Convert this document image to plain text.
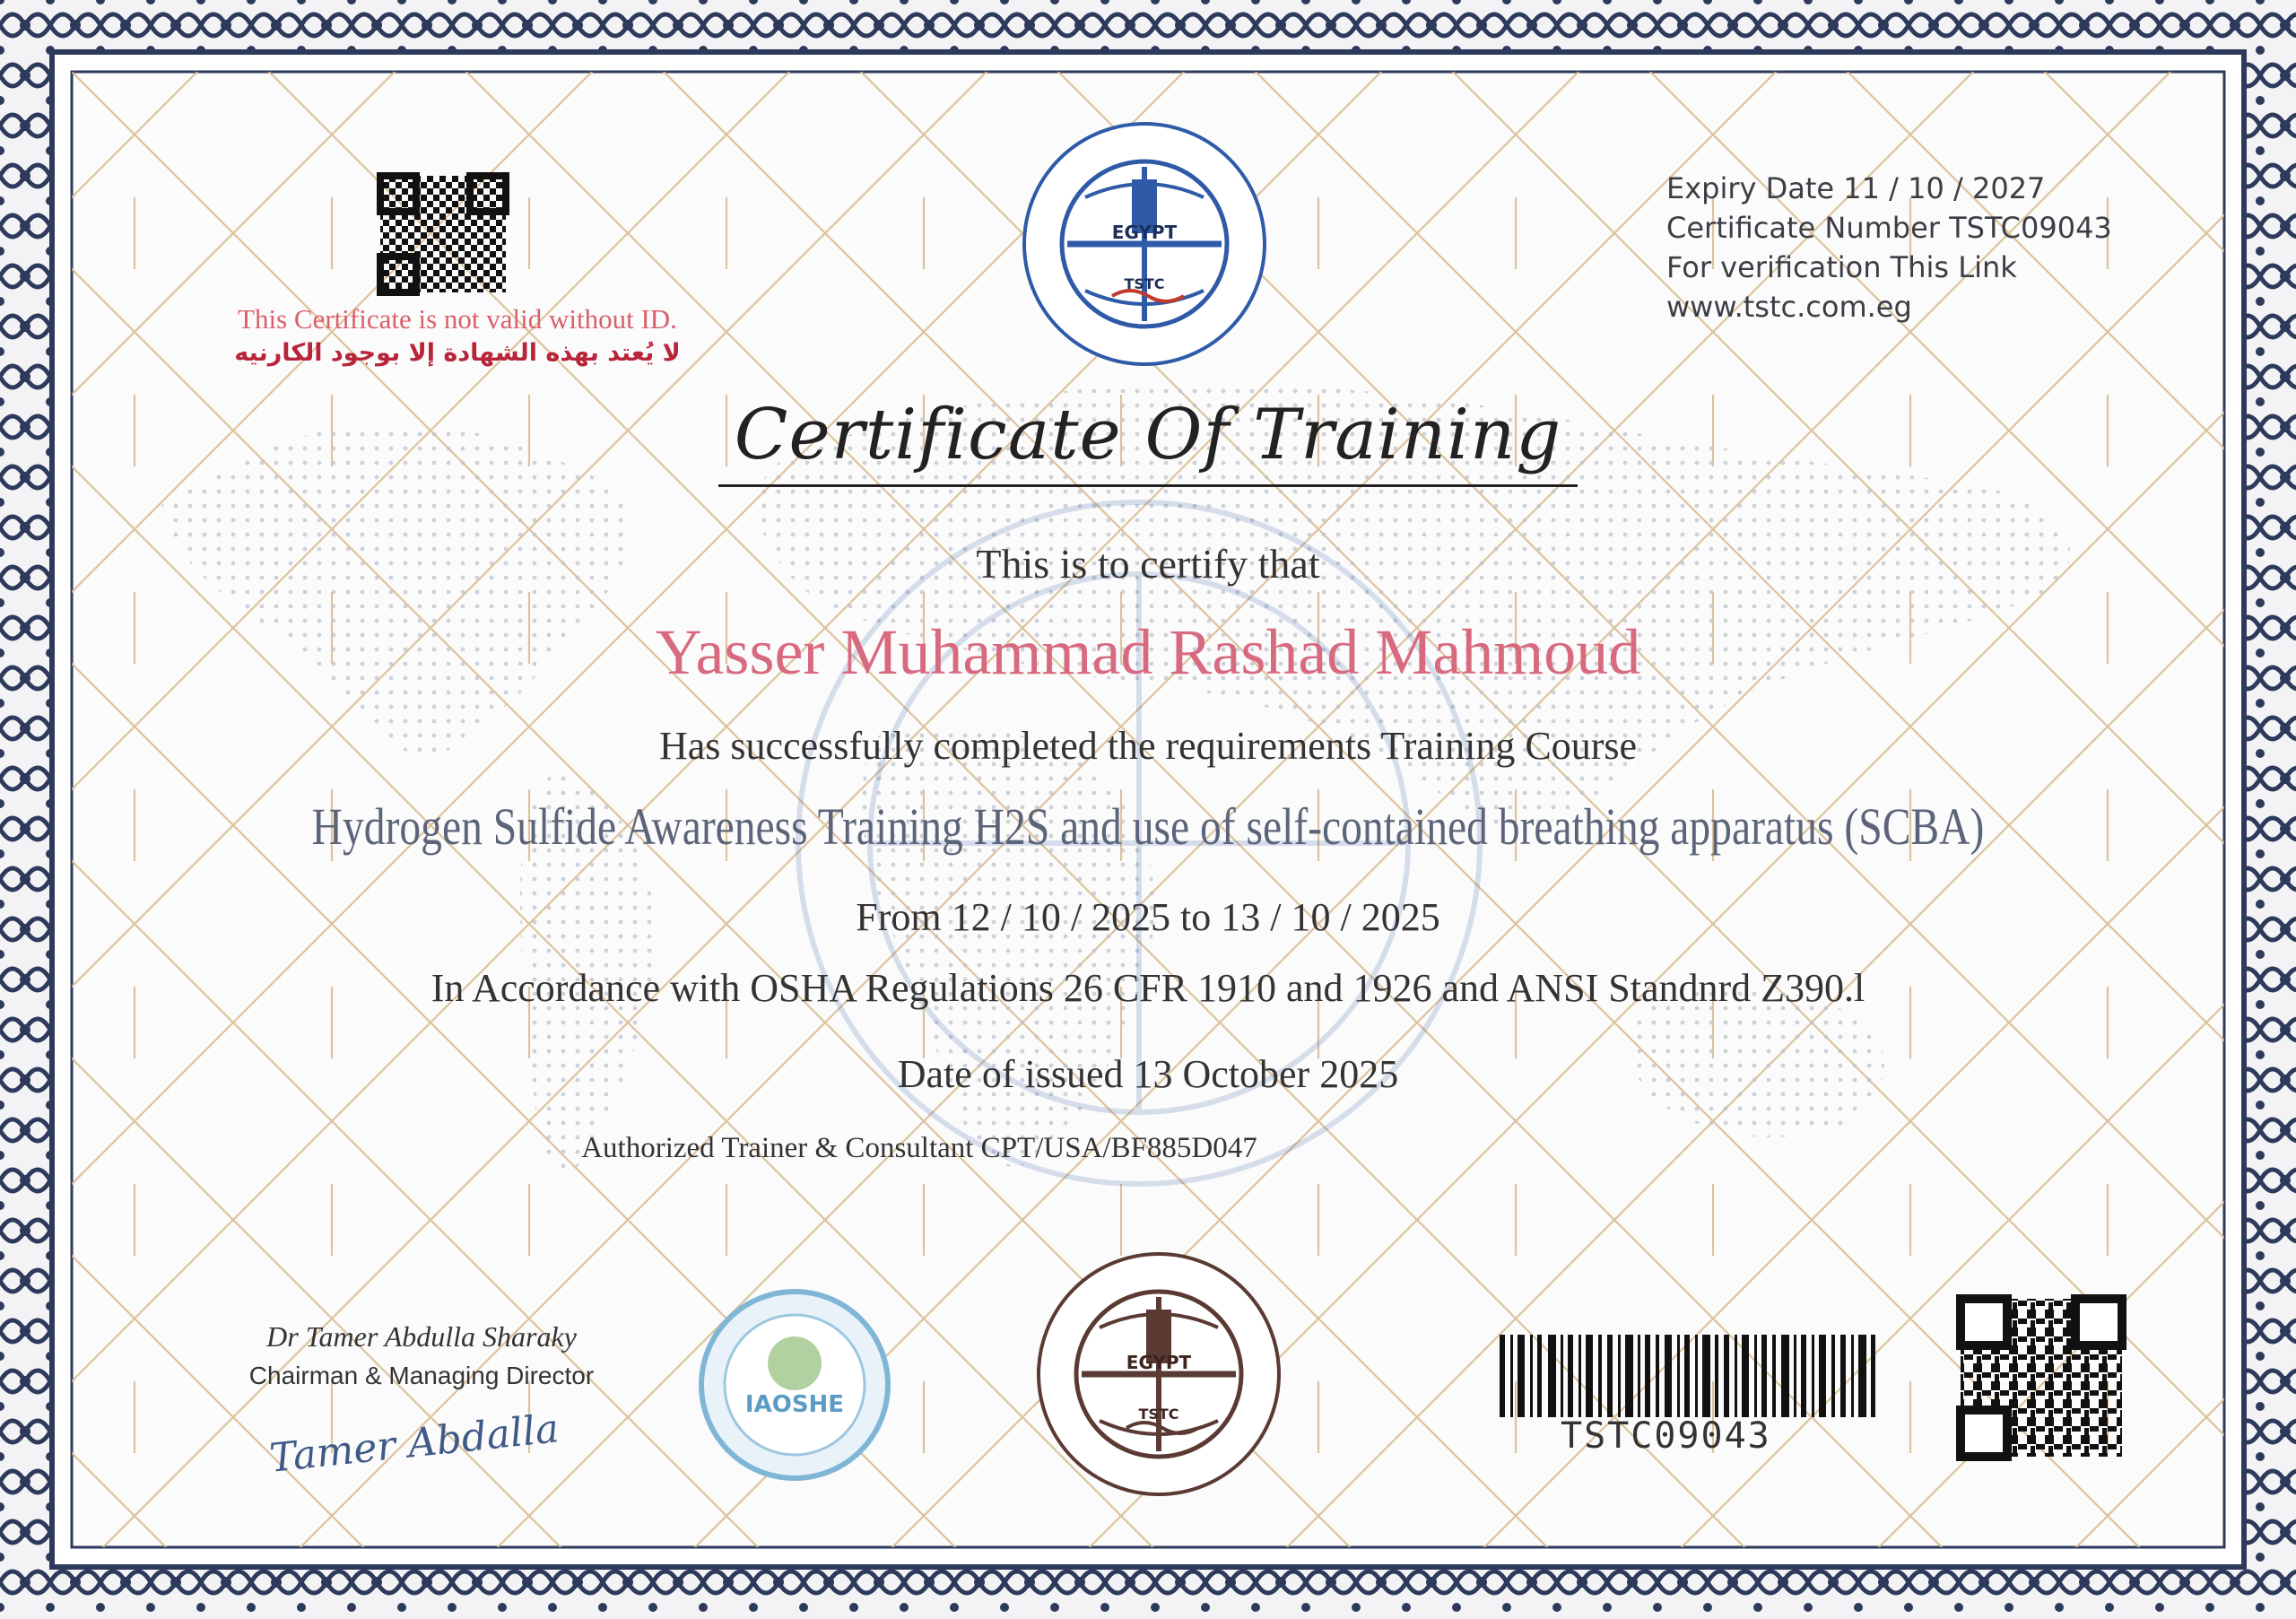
EGYPT
TSTC
EGYPT
TSTC
IAOSHE
Expiry Date 11 / 10 / 2027
Certificate Number TSTC09043
For verification This Link
www.tstc.com.eg
This Certificate is not valid without ID.
لا يُعتد بهذه الشهادة إلا بوجود الكارنيه
Certificate Of Training
This is to certify that
Yasser Muhammad Rashad Mahmoud
Has successfully completed the requirements Training Course
Hydrogen Sulfide Awareness Training H2S and use of self-contained breathing apparatus (SCBA)
From 12 / 10 / 2025 to 13 / 10 / 2025
In Accordance with OSHA Regulations 26 CFR 1910 and 1926 and ANSI Standnrd Z390.l
Date of issued 13 October 2025
Authorized Trainer & Consultant CPT/USA/BF885D047
Dr Tamer Abdulla Sharaky
Chairman & Managing Director
Tamer Abdalla	TSTC09043
